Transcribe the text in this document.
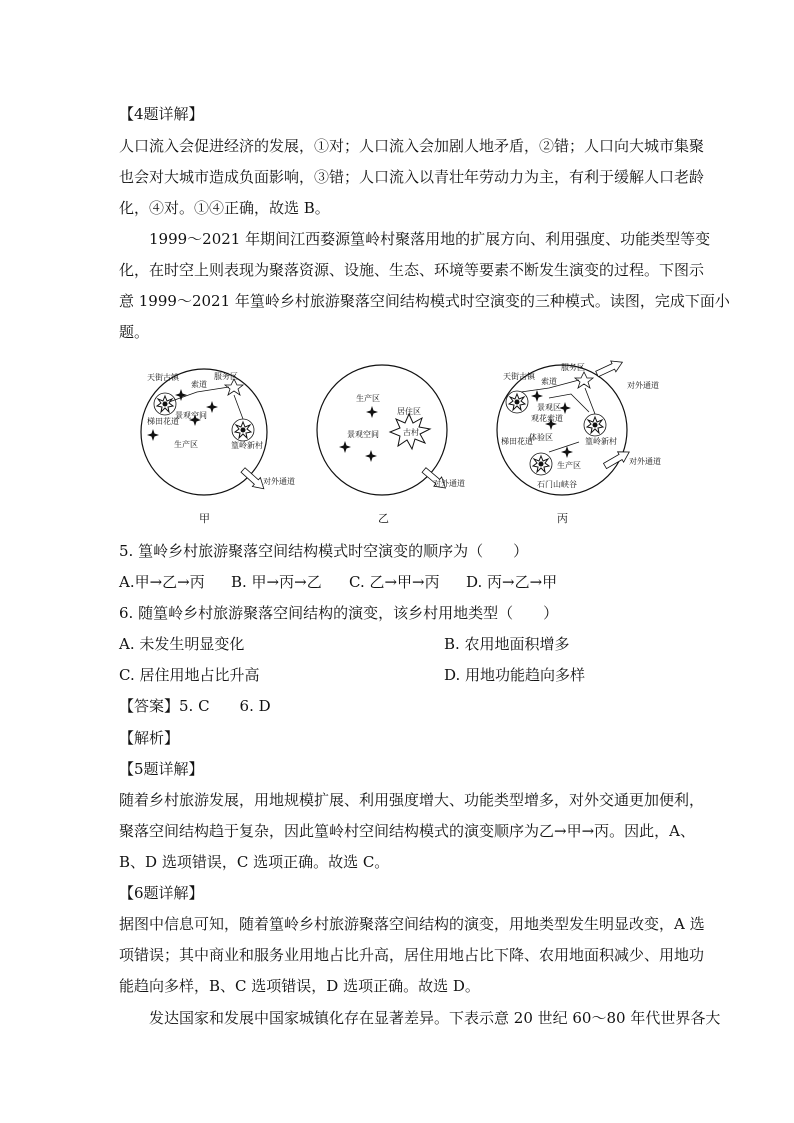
【4题详解】
人口流入会促进经济的发展，①对；人口流入会加剧人地矛盾，②错；人口向大城市集聚
也会对大城市造成负面影响，③错；人口流入以青壮年劳动力为主，有利于缓解人口老龄
化，④对。①④正确，故选 B。
1999～2021 年期间江西婺源篁岭村聚落用地的扩展方向、利用强度、功能类型等变
化，在时空上则表现为聚落资源、设施、生态、环境等要素不断发生演变的过程。下图示
意 1999～2021 年篁岭乡村旅游聚落空间结构模式时空演变的三种模式。读图，完成下面小
题。
天街古镇
索道
服务区
景观空间
梯田花道
生产区	篁岭新村
对外通道
甲
生产区
居住区
景观空间	古村
对外通道
乙
天街古镇
索道
服务区
对外通道
景观区
观花索道
体验区
梯田花道	篁岭新村
生产区
石门山峡谷
对外通道
丙
5. 篁岭乡村旅游聚落空间结构模式时空演变的顺序为（　　）
A.甲→乙→丙 B. 甲→丙→乙 C. 乙→甲→丙 D. 丙→乙→甲
6. 随篁岭乡村旅游聚落空间结构的演变，该乡村用地类型（　　）
A. 未发生明显变化	B. 农用地面积增多
C. 居住用地占比升高	D. 用地功能趋向多样
【答案】5. C　　6. D
【解析】
【5题详解】
随着乡村旅游发展，用地规模扩展、利用强度增大、功能类型增多，对外交通更加便利，
聚落空间结构趋于复杂，因此篁岭村空间结构模式的演变顺序为乙→甲→丙。因此，A、
B、D 选项错误，C 选项正确。故选 C。
【6题详解】
据图中信息可知，随着篁岭乡村旅游聚落空间结构的演变，用地类型发生明显改变，A 选
项错误；其中商业和服务业用地占比升高，居住用地占比下降、农用地面积减少、用地功
能趋向多样，B、C 选项错误，D 选项正确。故选 D。
发达国家和发展中国家城镇化存在显著差异。下表示意 20 世纪 60～80 年代世界各大
